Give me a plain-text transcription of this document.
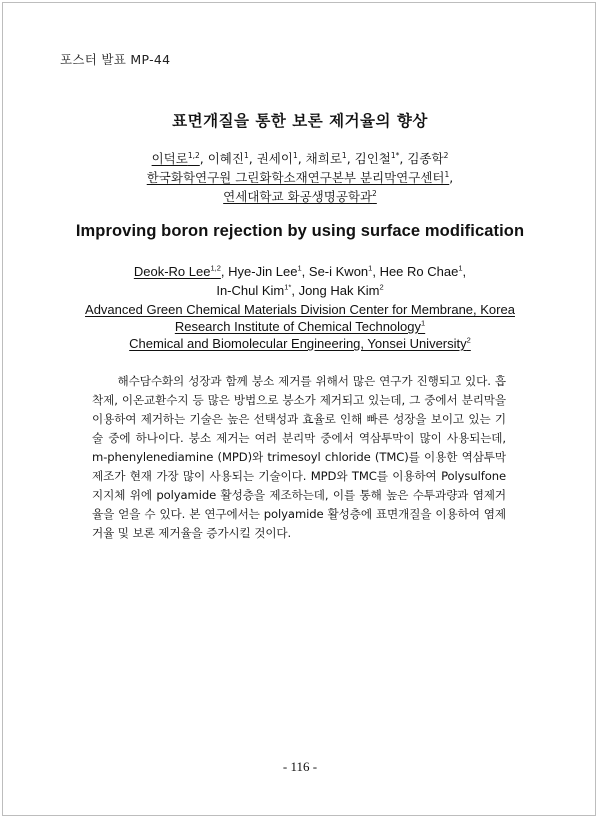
포스터 발표 MP-44
표면개질을 통한 보론 제거율의 향상
이덕로$^{1,2}$, 이혜진$^1$, 권세이$^1$, 채희로$^1$, 김인철$^{1*}$, 김종학$^2$
한국화학연구원 그린화학소재연구본부 분리막연구센터$^1$,
연세대학교 화공생명공학과$^2$
Improving boron rejection by using surface modification
Deok-Ro Lee$^{1,2}$, Hye-Jin Lee$^1$, Se-i Kwon$^1$, Hee Ro Chae$^1$,
In-Chul Kim$^{1*}$, Jong Hak Kim$^2$
Advanced Green Chemical Materials Division Center for Membrane, Korea
Research Institute of Chemical Technology$^1$
Chemical and Biomolecular Engineering, Yonsei University$^2$

해수담수화의 성장과 함께 붕소 제거를 위해서 많은 연구가 진행되고 있다. 흡착제, 이온교환수지 등 많은 방법으로 붕소가 제거되고 있는데, 그 중에서 분리막을 이용하여 제거하는 기술은 높은 선택성과 효율로 인해 빠른 성장을 보이고 있는 기술 중에 하나이다. 붕소 제거는 여러 분리막 중에서 역삼투막이 많이 사용되는데, m-phenylenediamine (MPD)와 trimesoyl chloride (TMC)를 이용한 역삼투막 제조가 현재 가장 많이 사용되는 기술이다. MPD와 TMC를 이용하여 Polysulfone 지지체 위에 polyamide 활성층을 제조하는데, 이를 통해 높은 수투과량과 염제거율을 얻을 수 있다. 본 연구에서는 polyamide 활성층에 표면개질을 이용하여 염제거율 및 보론 제거율을 증가시킬 것이다.

- 116 -
